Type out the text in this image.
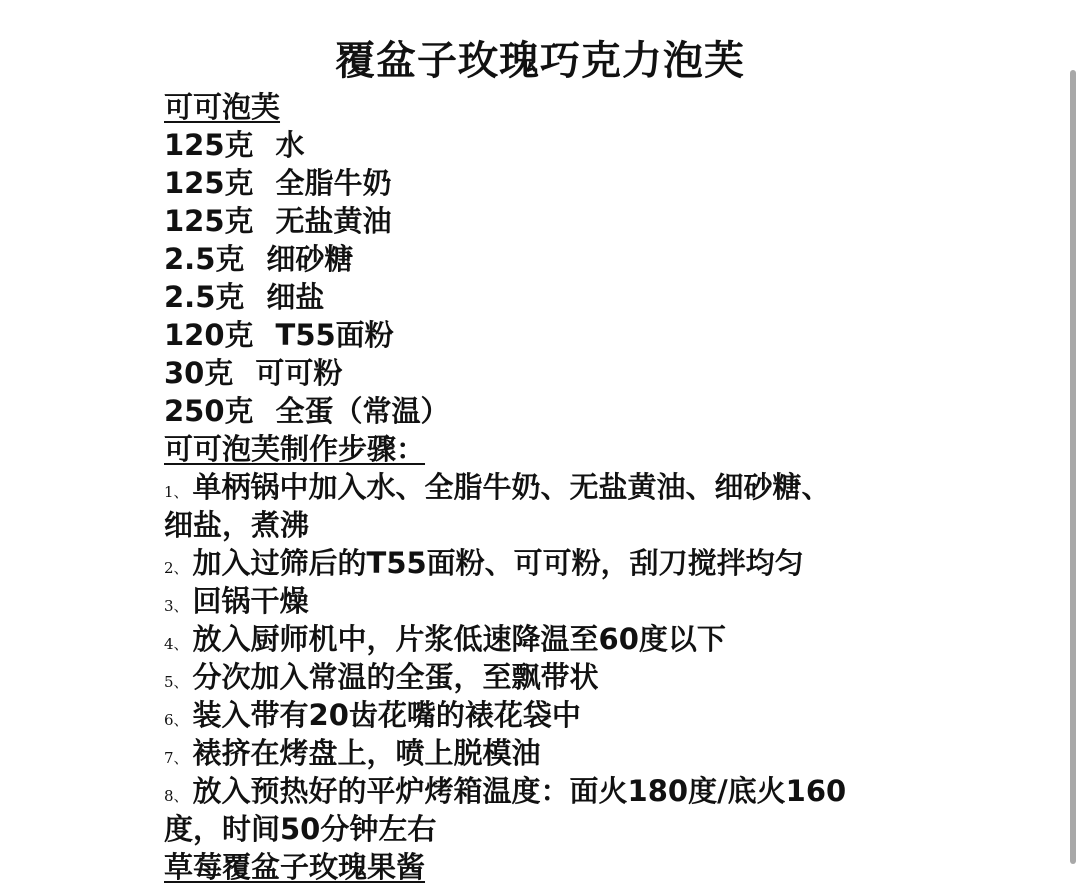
覆盆子玫瑰巧克力泡芙
可可泡芙
125克 水
125克 全脂牛奶
125克 无盐黄油
2.5克 细砂糖
2.5克 细盐
120克 T55面粉
30克 可可粉
250克 全蛋（常温）
可可泡芙制作步骤：
1、 单柄锅中加入水、全脂牛奶、无盐黄油、细砂糖、
细盐，煮沸
2、 加入过筛后的T55面粉、可可粉，刮刀搅拌均匀
3、 回锅干燥
4、 放入厨师机中，片浆低速降温至60度以下
5、 分次加入常温的全蛋，至飘带状
6、 装入带有20齿花嘴的裱花袋中
7、 裱挤在烤盘上，喷上脱模油
8、 放入预热好的平炉烤箱温度：面火180度/底火160
度，时间50分钟左右
草莓覆盆子玫瑰果酱
